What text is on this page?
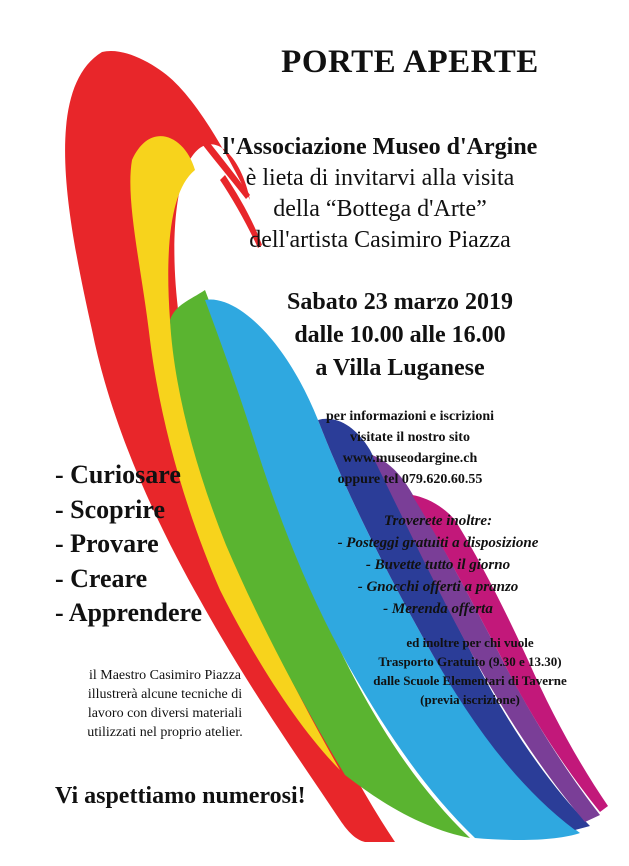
PORTE APERTE
l'Associazione Museo d'Argine
è lieta di invitarvi alla visita
della “Bottega d'Arte”
dell'artista Casimiro Piazza
Sabato 23 marzo 2019
dalle 10.00 alle 16.00
a Villa Luganese
per informazioni e iscrizioni
visitate il nostro sito
www.museodargine.ch
oppure tel 079.620.60.55
Troverete inoltre:
- Posteggi gratuiti a disposizione
- Buvette tutto il giorno
- Gnocchi offerti a pranzo
- Merenda offerta
ed inoltre per chi vuole
Trasporto Gratuito (9.30 e 13.30)
dalle Scuole Elementari di Taverne
(previa iscrizione)
- Curiosare
- Scoprire
- Provare
- Creare
- Apprendere
il Maestro Casimiro Piazza
illustrerà alcune tecniche di
lavoro con diversi materiali
utilizzati nel proprio atelier.
Vi aspettiamo numerosi!
